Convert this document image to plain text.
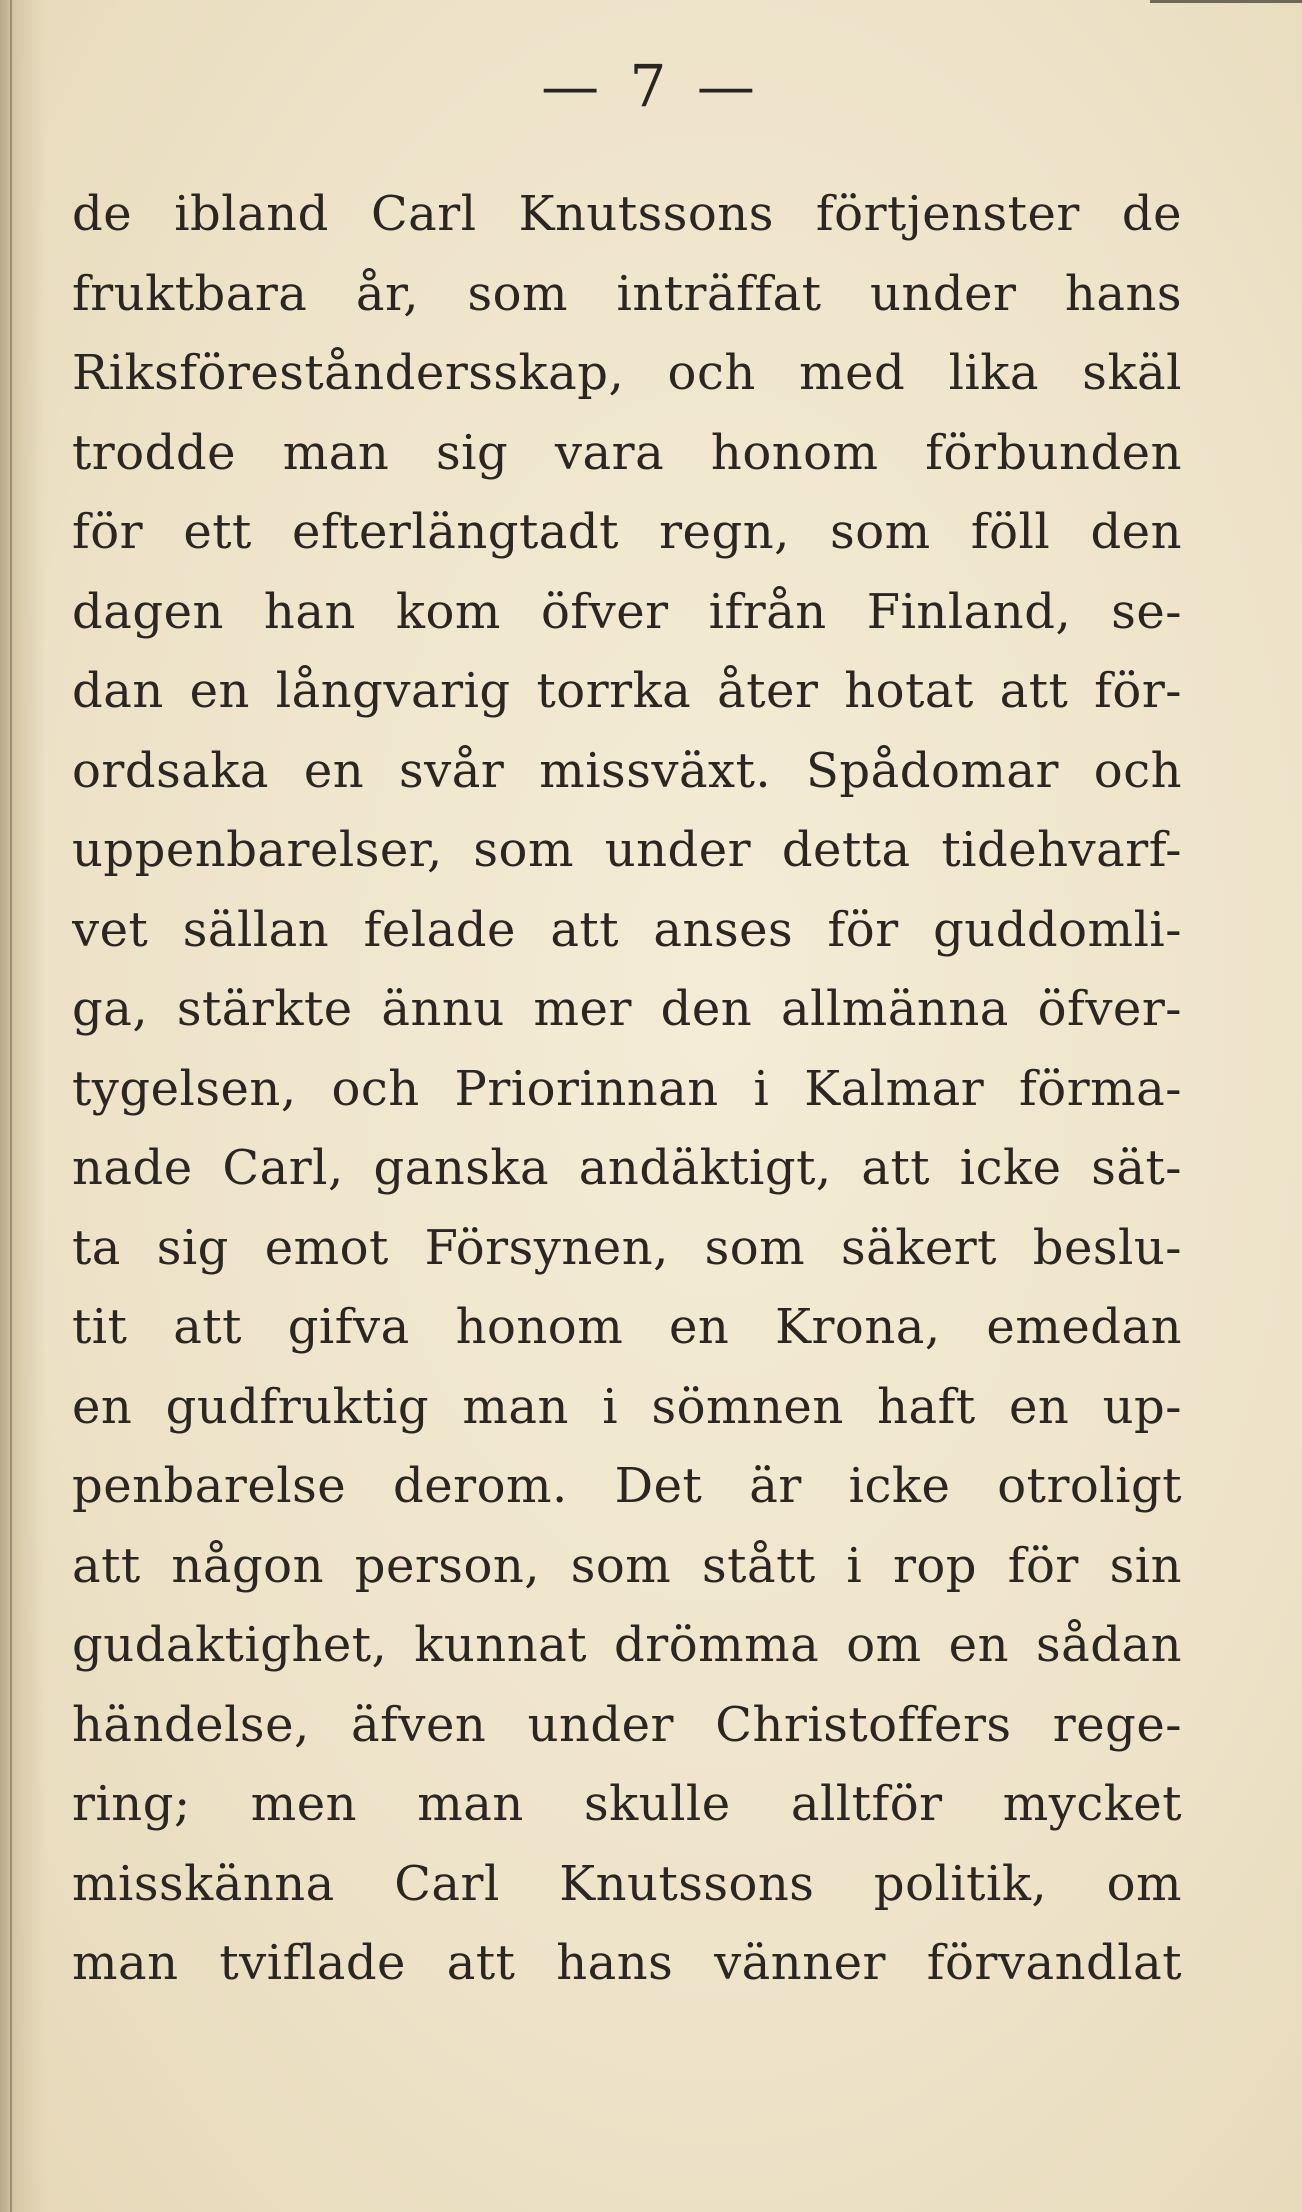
— 7 —
de ibland Carl Knutssons förtjenster de
fruktbara år, som inträffat under hans
Riksföreståndersskap, och med lika skäl
trodde man sig vara honom förbunden
för ett efterlängtadt regn, som föll den
dagen han kom öfver ifrån Finland, se-
dan en långvarig torrka åter hotat att för-
ordsaka en svår missväxt. Spådomar och
uppenbarelser, som under detta tidehvarf-
vet sällan felade att anses för guddomli-
ga, stärkte ännu mer den allmänna öfver-
tygelsen, och Priorinnan i Kalmar förma-
nade Carl, ganska andäktigt, att icke sät-
ta sig emot Försynen, som säkert beslu-
tit att gifva honom en Krona, emedan
en gudfruktig man i sömnen haft en up-
penbarelse derom. Det är icke otroligt
att någon person, som stått i rop för sin
gudaktighet, kunnat drömma om en sådan
händelse, äfven under Christoffers rege-
ring; men man skulle alltför mycket
misskänna Carl Knutssons politik, om
man tviflade att hans vänner förvandlat
